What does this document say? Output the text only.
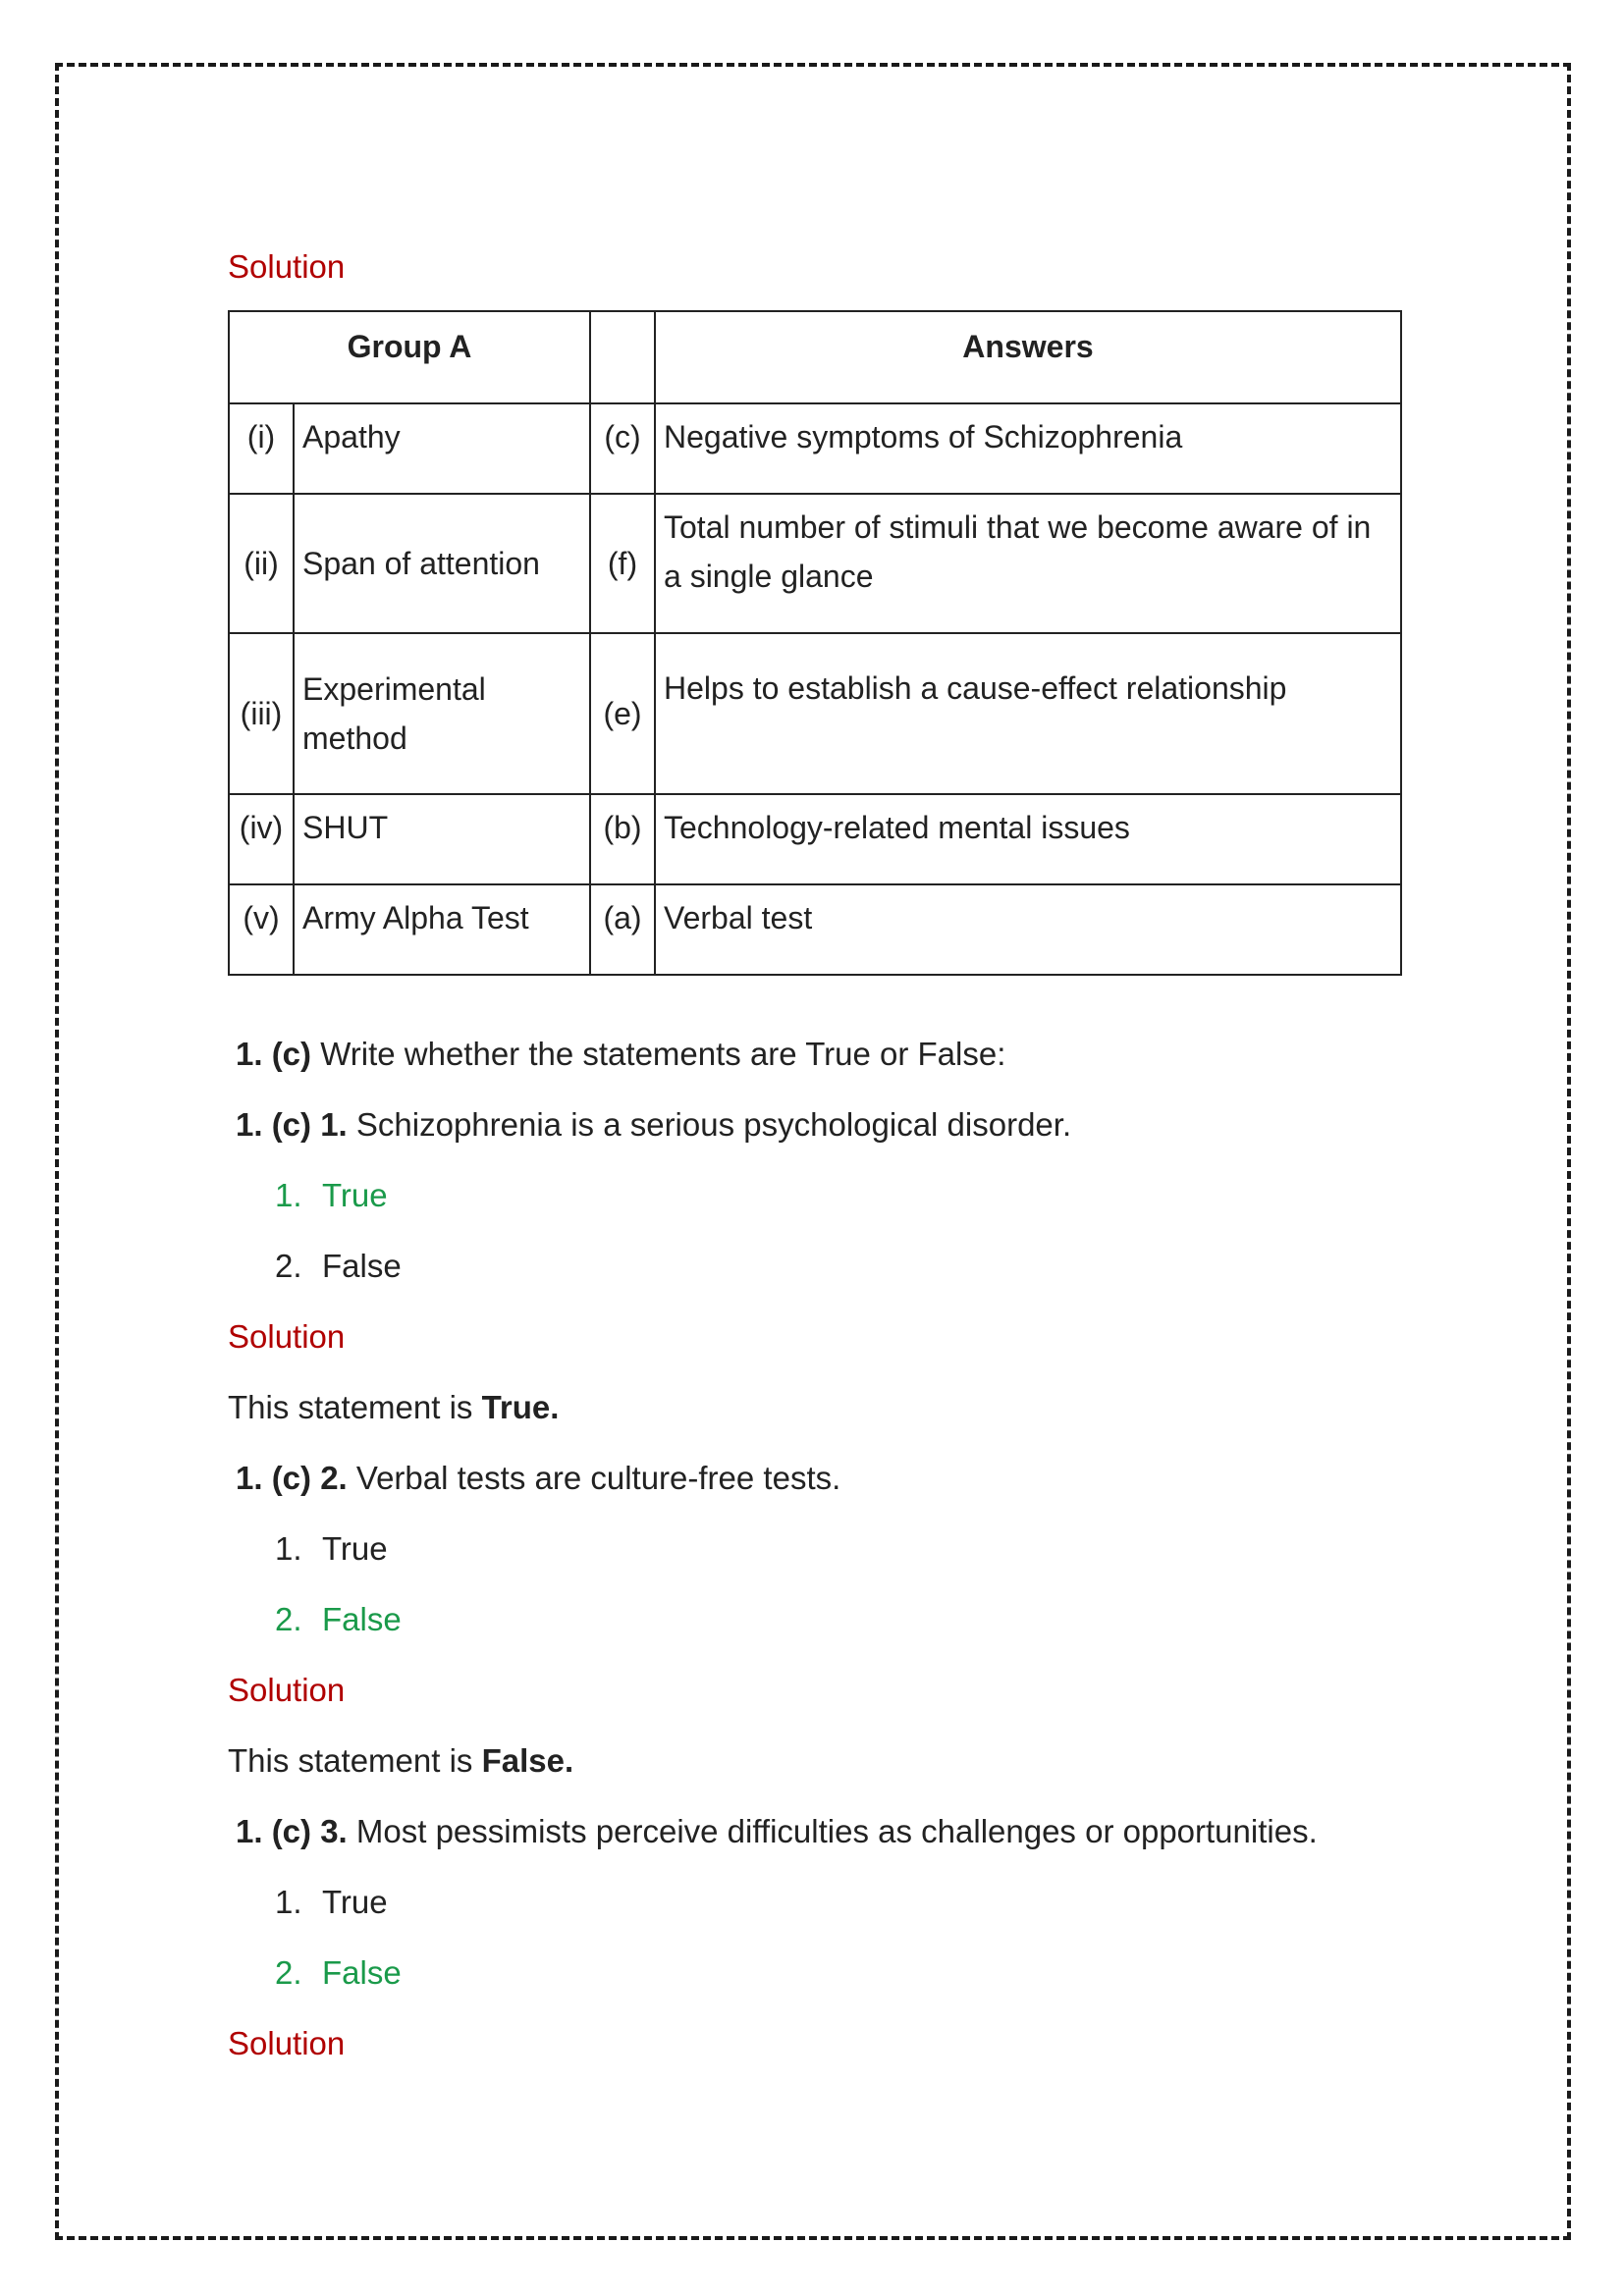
Solution

Group A			Answers
(i)	Apathy	(c)	Negative symptoms of Schizophrenia
(ii)	Span of attention	(f)	Total number of stimuli that we become aware of in a single glance
(iii)	Experimental method	(e)	Helps to establish a cause-effect relationship
(iv)	SHUT	(b)	Technology-related mental issues
(v)	Army Alpha Test	(a)	Verbal test

1. (c) Write whether the statements are True or False:

1. (c) 1. Schizophrenia is a serious psychological disorder.

1. True

2. False

Solution

This statement is True.

1. (c) 2. Verbal tests are culture-free tests.

1. True

2. False

Solution

This statement is False.

1. (c) 3. Most pessimists perceive difficulties as challenges or opportunities.

1. True

2. False

Solution
